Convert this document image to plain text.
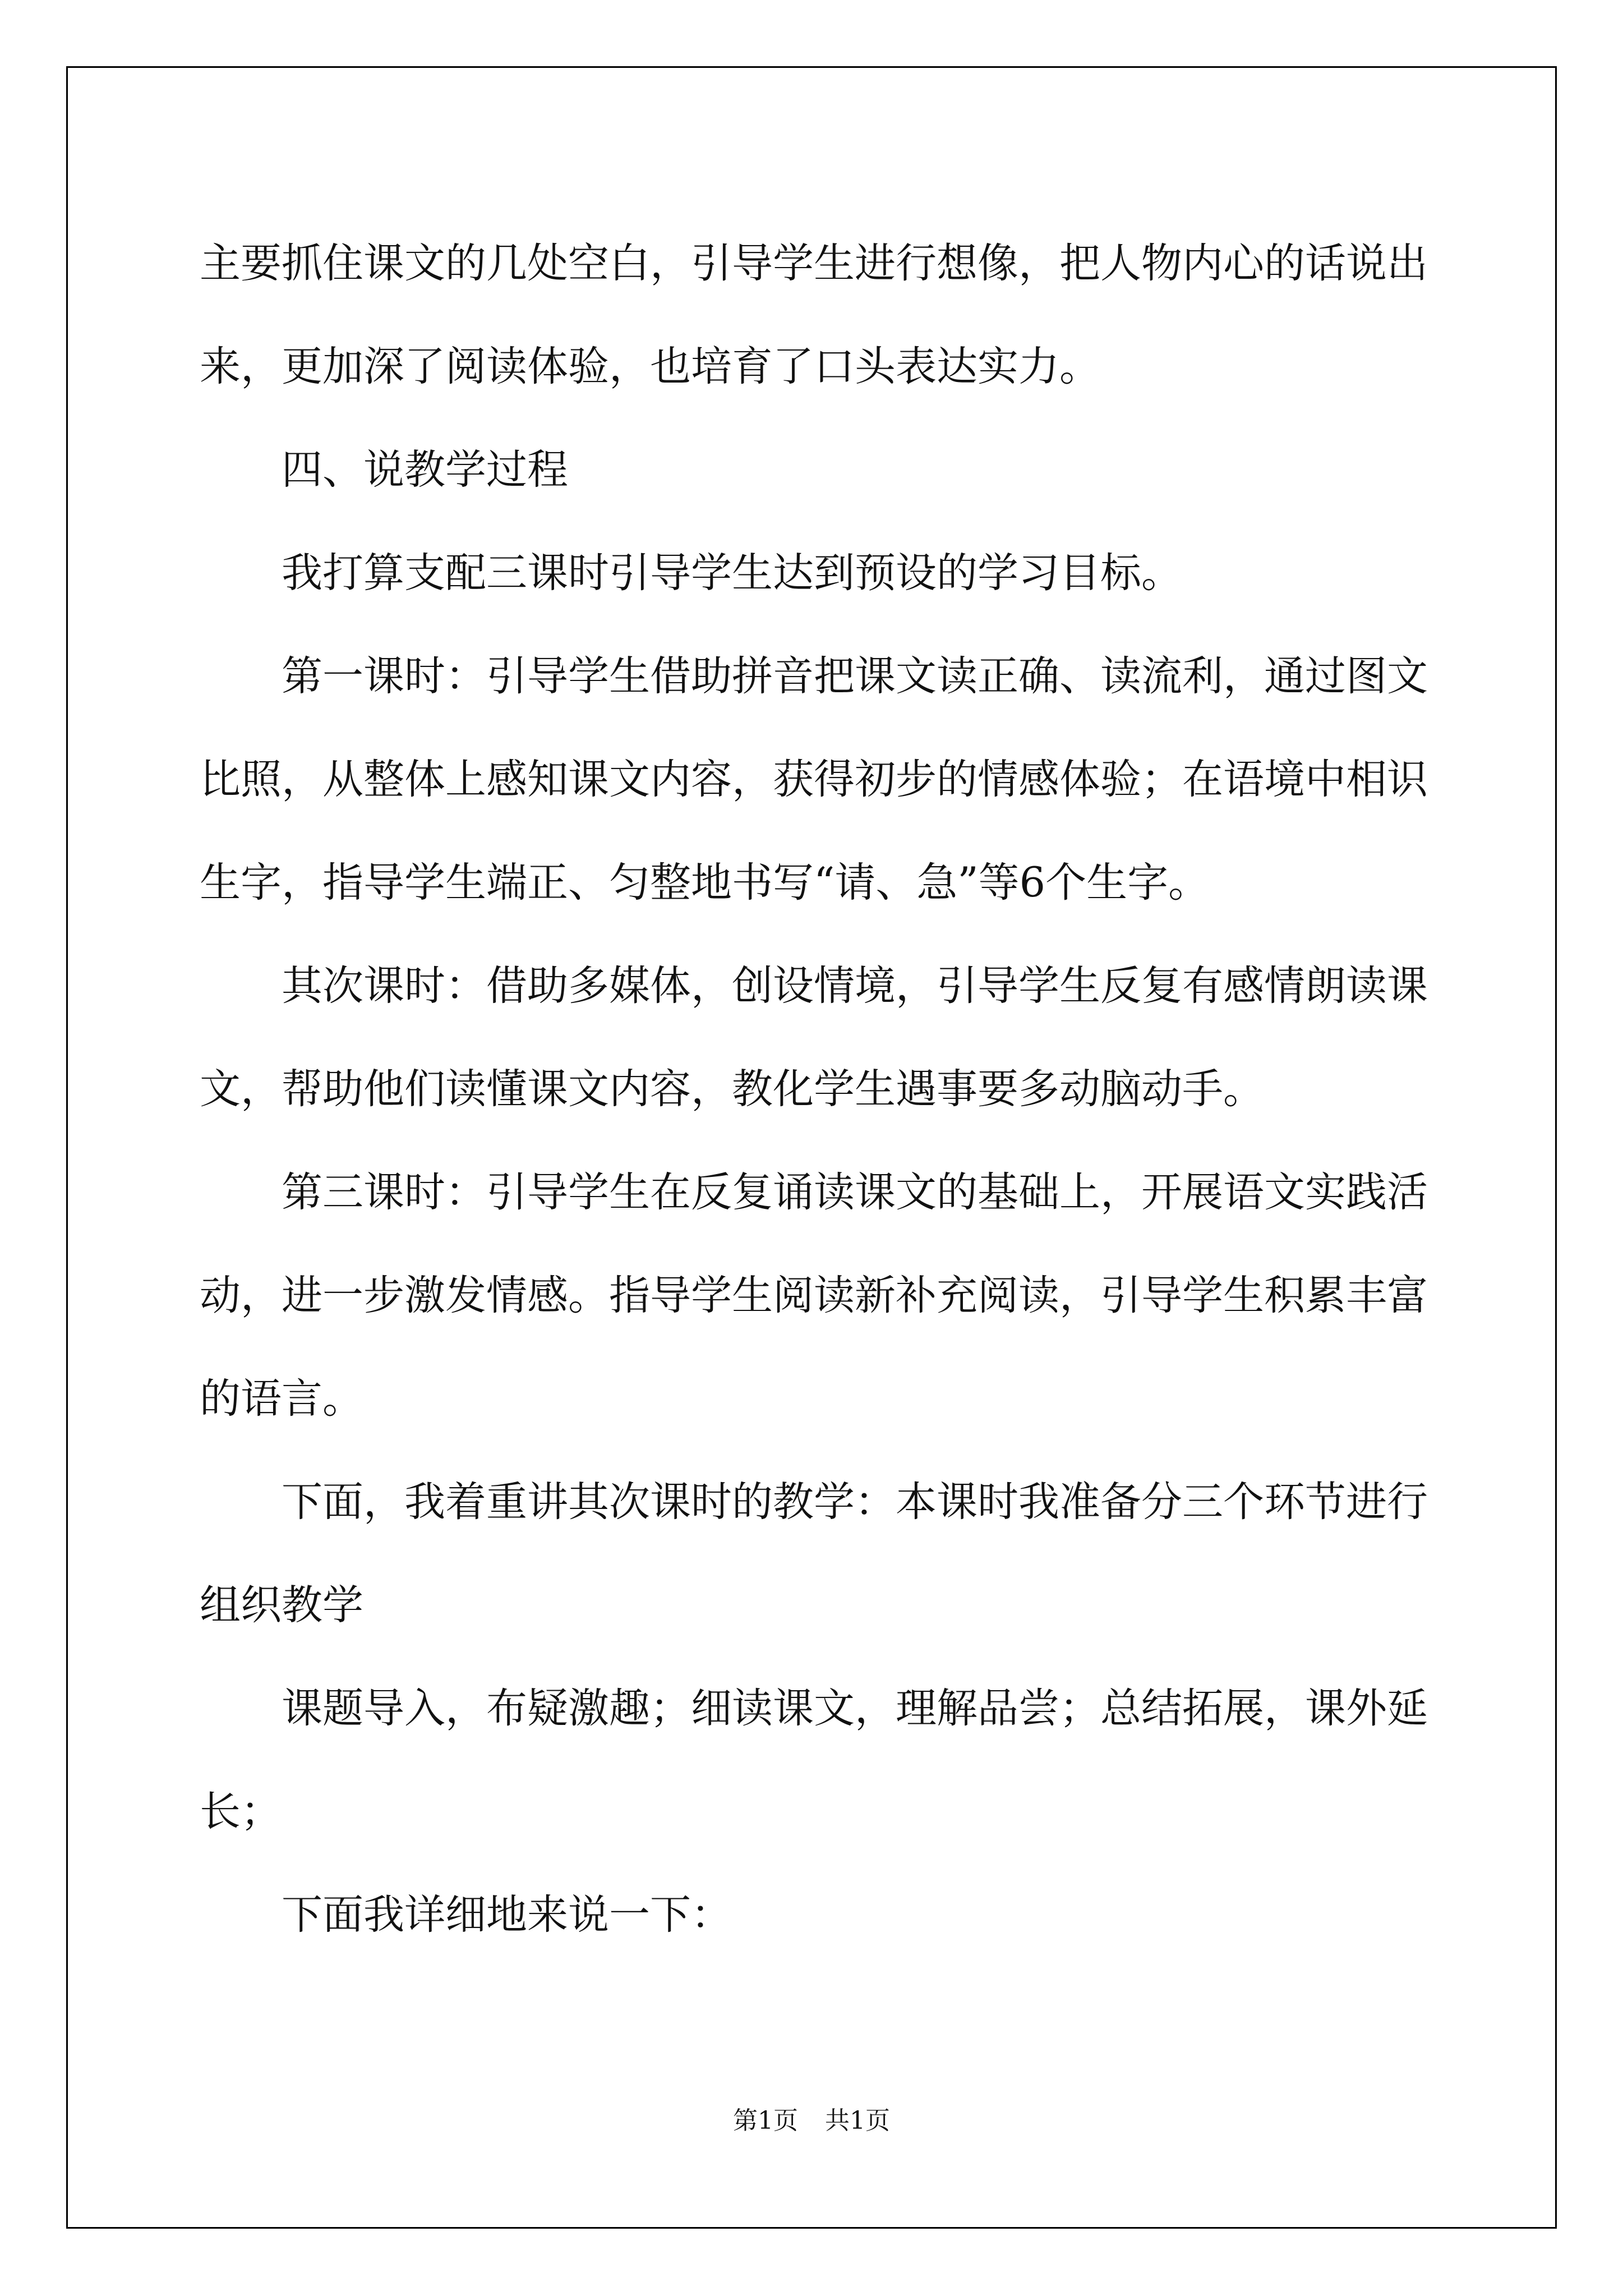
主要抓住课文的几处空白，引导学生进行想像，把人物内心的话说出
来，更加深了阅读体验，也培育了口头表达实力。
四、说教学过程
我打算支配三课时引导学生达到预设的学习目标。
第一课时：引导学生借助拼音把课文读正确、读流利，通过图文
比照，从整体上感知课文内容，获得初步的情感体验；在语境中相识
生字，指导学生端正、匀整地书写“请、急”等6个生字。
其次课时：借助多媒体，创设情境，引导学生反复有感情朗读课
文，帮助他们读懂课文内容，教化学生遇事要多动脑动手。
第三课时：引导学生在反复诵读课文的基础上，开展语文实践活
动，进一步激发情感。指导学生阅读新补充阅读，引导学生积累丰富
的语言。
下面，我着重讲其次课时的教学：本课时我准备分三个环节进行
组织教学
课题导入，布疑激趣；细读课文，理解品尝；总结拓展，课外延
长；
下面我详细地来说一下：
第1页 共1页
